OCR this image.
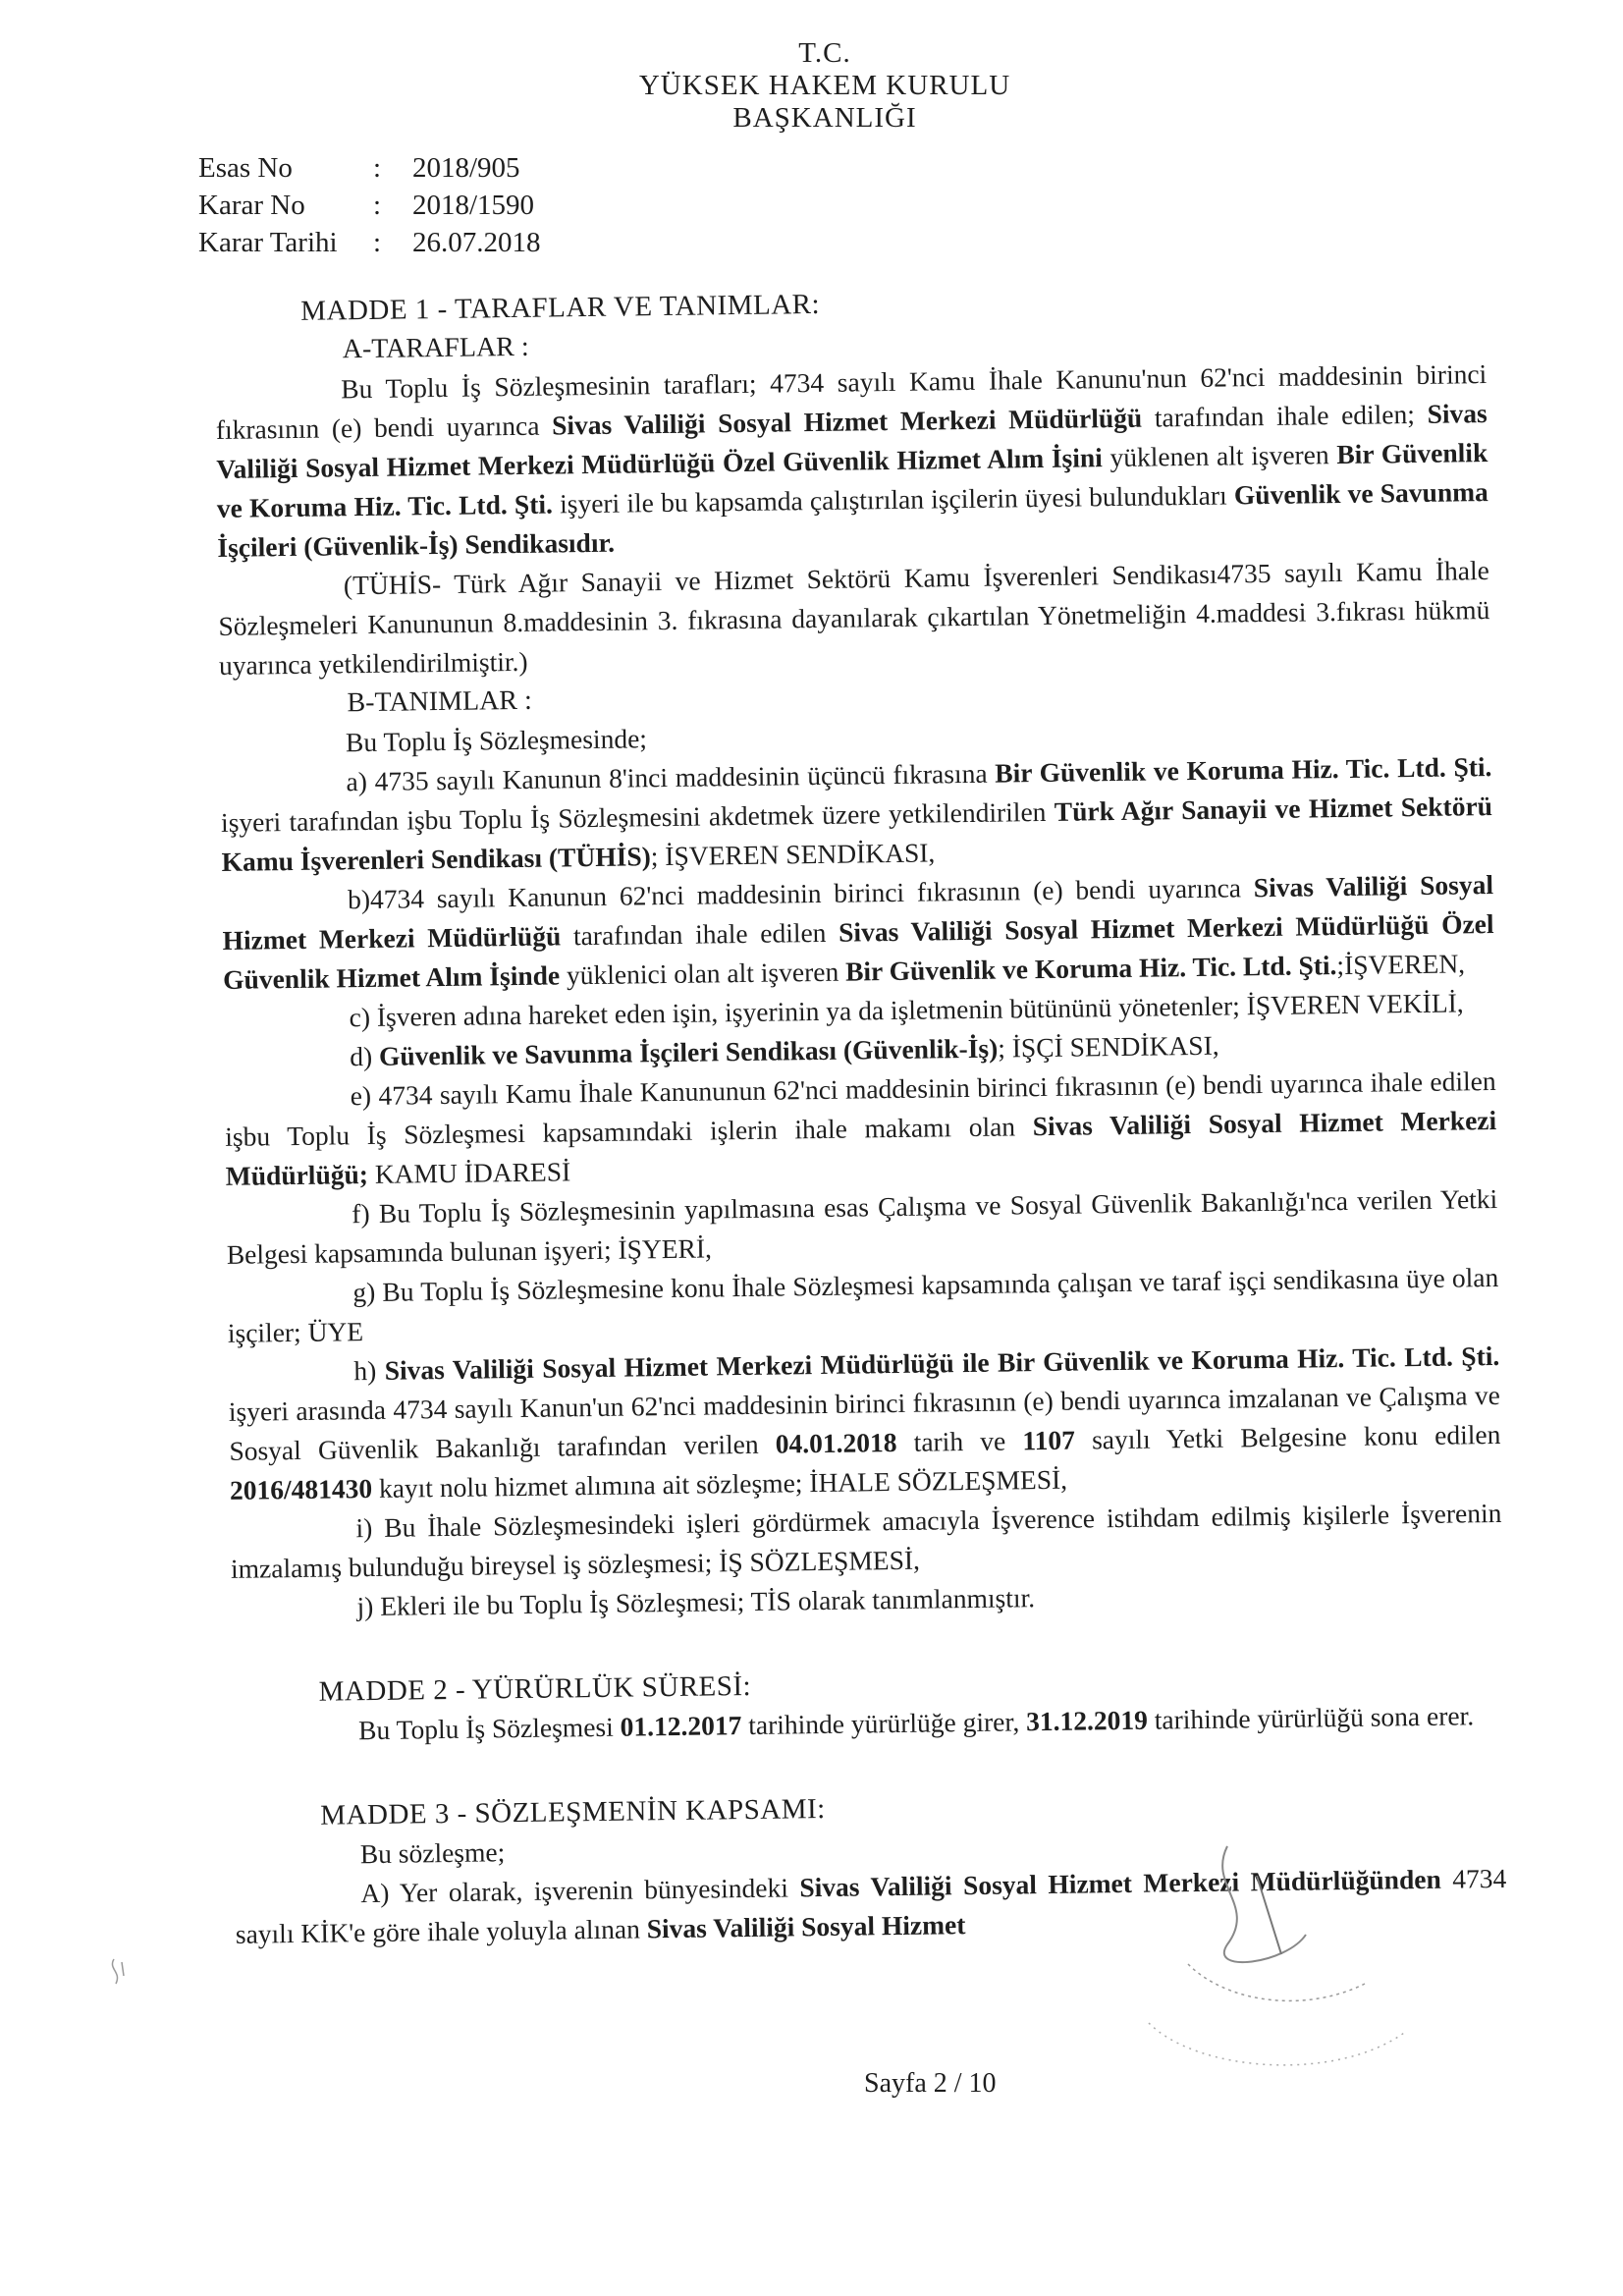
T.C.
YÜKSEK HAKEM KURULU
BAŞKANLIĞI
Esas No	: 2018/905
Karar No : 2018/1590
Karar Tarihi : 26.07.2018
MADDE 1 - TARAFLAR VE TANIMLAR:
A-TARAFLAR :

Bu Toplu İş Sözleşmesinin tarafları; 4734 sayılı Kamu İhale Kanunu'nun 62'nci maddesinin birinci fıkrasının (e) bendi uyarınca Sivas Valiliği Sosyal Hizmet Merkezi Müdürlüğü tarafından ihale edilen; Sivas Valiliği Sosyal Hizmet Merkezi Müdürlüğü Özel Güvenlik Hizmet Alım İşini yüklenen alt işveren Bir Güvenlik ve Koruma Hiz. Tic. Ltd. Şti. işyeri ile bu kapsamda çalıştırılan işçilerin üyesi bulundukları Güvenlik ve Savunma İşçileri (Güvenlik-İş) Sendikasıdır.

(TÜHİS- Türk Ağır Sanayii ve Hizmet Sektörü Kamu İşverenleri Sendikası4735 sayılı Kamu İhale Sözleşmeleri Kanununun 8.maddesinin 3. fıkrasına dayanılarak çıkartılan Yönetmeliğin 4.maddesi 3.fıkrası hükmü uyarınca yetkilendirilmiştir.)

B-TANIMLAR :

Bu Toplu İş Sözleşmesinde;

a) 4735 sayılı Kanunun 8'inci maddesinin üçüncü fıkrasına Bir Güvenlik ve Koruma Hiz. Tic. Ltd. Şti. işyeri tarafından işbu Toplu İş Sözleşmesini akdetmek üzere yetkilendirilen Türk Ağır Sanayii ve Hizmet Sektörü Kamu İşverenleri Sendikası (TÜHİS); İŞVEREN SENDİKASI,

b)4734 sayılı Kanunun 62'nci maddesinin birinci fıkrasının (e) bendi uyarınca Sivas Valiliği Sosyal Hizmet Merkezi Müdürlüğü tarafından ihale edilen Sivas Valiliği Sosyal Hizmet Merkezi Müdürlüğü Özel Güvenlik Hizmet Alım İşinde yüklenici olan alt işveren Bir Güvenlik ve Koruma Hiz. Tic. Ltd. Şti.;İŞVEREN,

c) İşveren adına hareket eden işin, işyerinin ya da işletmenin bütününü yönetenler; İŞVEREN VEKİLİ,

d) Güvenlik ve Savunma İşçileri Sendikası (Güvenlik-İş); İŞÇİ SENDİKASI,

e) 4734 sayılı Kamu İhale Kanununun 62'nci maddesinin birinci fıkrasının (e) bendi uyarınca ihale edilen işbu Toplu İş Sözleşmesi kapsamındaki işlerin ihale makamı olan Sivas Valiliği Sosyal Hizmet Merkezi Müdürlüğü; KAMU İDARESİ

f) Bu Toplu İş Sözleşmesinin yapılmasına esas Çalışma ve Sosyal Güvenlik Bakanlığı'nca verilen Yetki Belgesi kapsamında bulunan işyeri; İŞYERİ,

g) Bu Toplu İş Sözleşmesine konu İhale Sözleşmesi kapsamında çalışan ve taraf işçi sendikasına üye olan işçiler; ÜYE

h) Sivas Valiliği Sosyal Hizmet Merkezi Müdürlüğü ile Bir Güvenlik ve Koruma Hiz. Tic. Ltd. Şti. işyeri arasında 4734 sayılı Kanun'un 62'nci maddesinin birinci fıkrasının (e) bendi uyarınca imzalanan ve Çalışma ve Sosyal Güvenlik Bakanlığı tarafından verilen 04.01.2018 tarih ve 1107 sayılı Yetki Belgesine konu edilen 2016/481430 kayıt nolu hizmet alımına ait sözleşme; İHALE SÖZLEŞMESİ,

i) Bu İhale Sözleşmesindeki işleri gördürmek amacıyla İşverence istihdam edilmiş kişilerle İşverenin imzalamış bulunduğu bireysel iş sözleşmesi; İŞ SÖZLEŞMESİ,

j) Ekleri ile bu Toplu İş Sözleşmesi; TİS olarak tanımlanmıştır.

MADDE 2 - YÜRÜRLÜK SÜRESİ:

Bu Toplu İş Sözleşmesi 01.12.2017 tarihinde yürürlüğe girer, 31.12.2019 tarihinde yürürlüğü sona erer.

MADDE 3 - SÖZLEŞMENİN KAPSAMI:

Bu sözleşme;

A) Yer olarak, işverenin bünyesindeki Sivas Valiliği Sosyal Hizmet Merkezi Müdürlüğünden 4734 sayılı KİK'e göre ihale yoluyla alınan Sivas Valiliği Sosyal Hizmet

Sayfa 2 / 10
